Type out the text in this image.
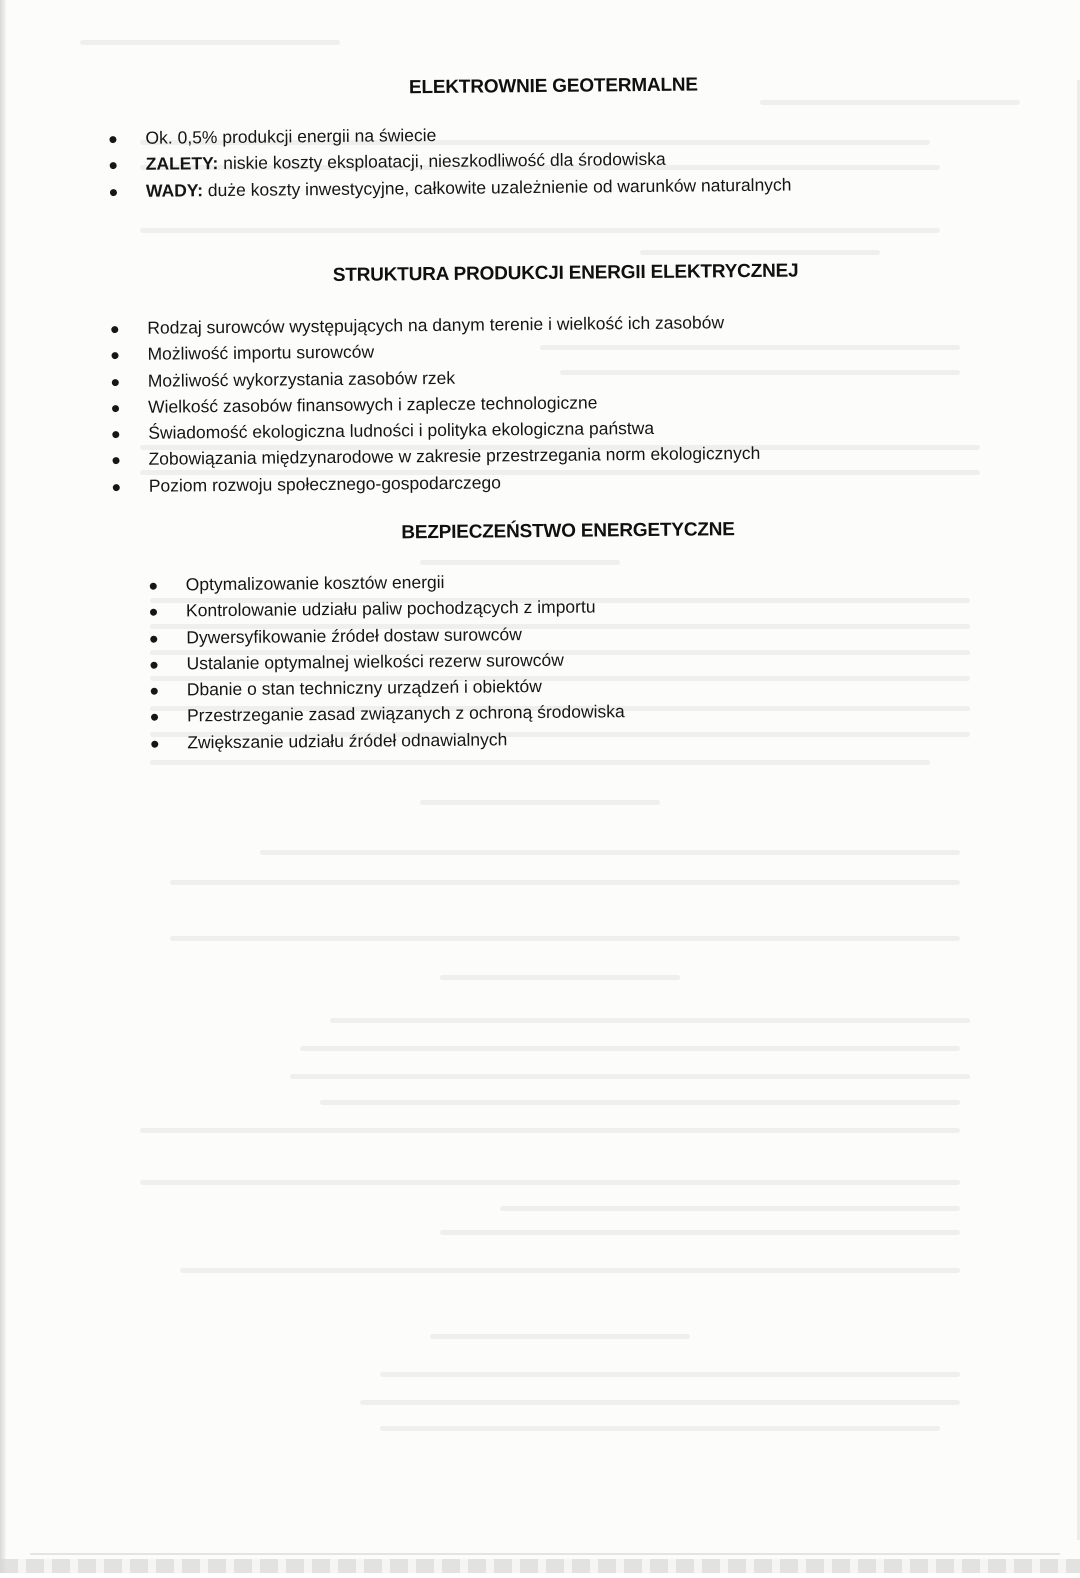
ELEKTROWNIE GEOTERMALNE
Ok. 0,5% produkcji energii na świecie
ZALETY: niskie koszty eksploatacji, nieszkodliwość dla środowiska
WADY: duże koszty inwestycyjne, całkowite uzależnienie od warunków naturalnych
STRUKTURA PRODUKCJI ENERGII ELEKTRYCZNEJ
Rodzaj surowców występujących na danym terenie i wielkość ich zasobów
Możliwość importu surowców
Możliwość wykorzystania zasobów rzek
Wielkość zasobów finansowych i zaplecze technologiczne
Świadomość ekologiczna ludności i polityka ekologiczna państwa
Zobowiązania międzynarodowe w zakresie przestrzegania norm ekologicznych
Poziom rozwoju społecznego-gospodarczego
BEZPIECZEŃSTWO ENERGETYCZNE
Optymalizowanie kosztów energii
Kontrolowanie udziału paliw pochodzących z importu
Dywersyfikowanie źródeł dostaw surowców
Ustalanie optymalnej wielkości rezerw surowców
Dbanie o stan techniczny urządzeń i obiektów
Przestrzeganie zasad związanych z ochroną środowiska
Zwiększanie udziału źródeł odnawialnych
